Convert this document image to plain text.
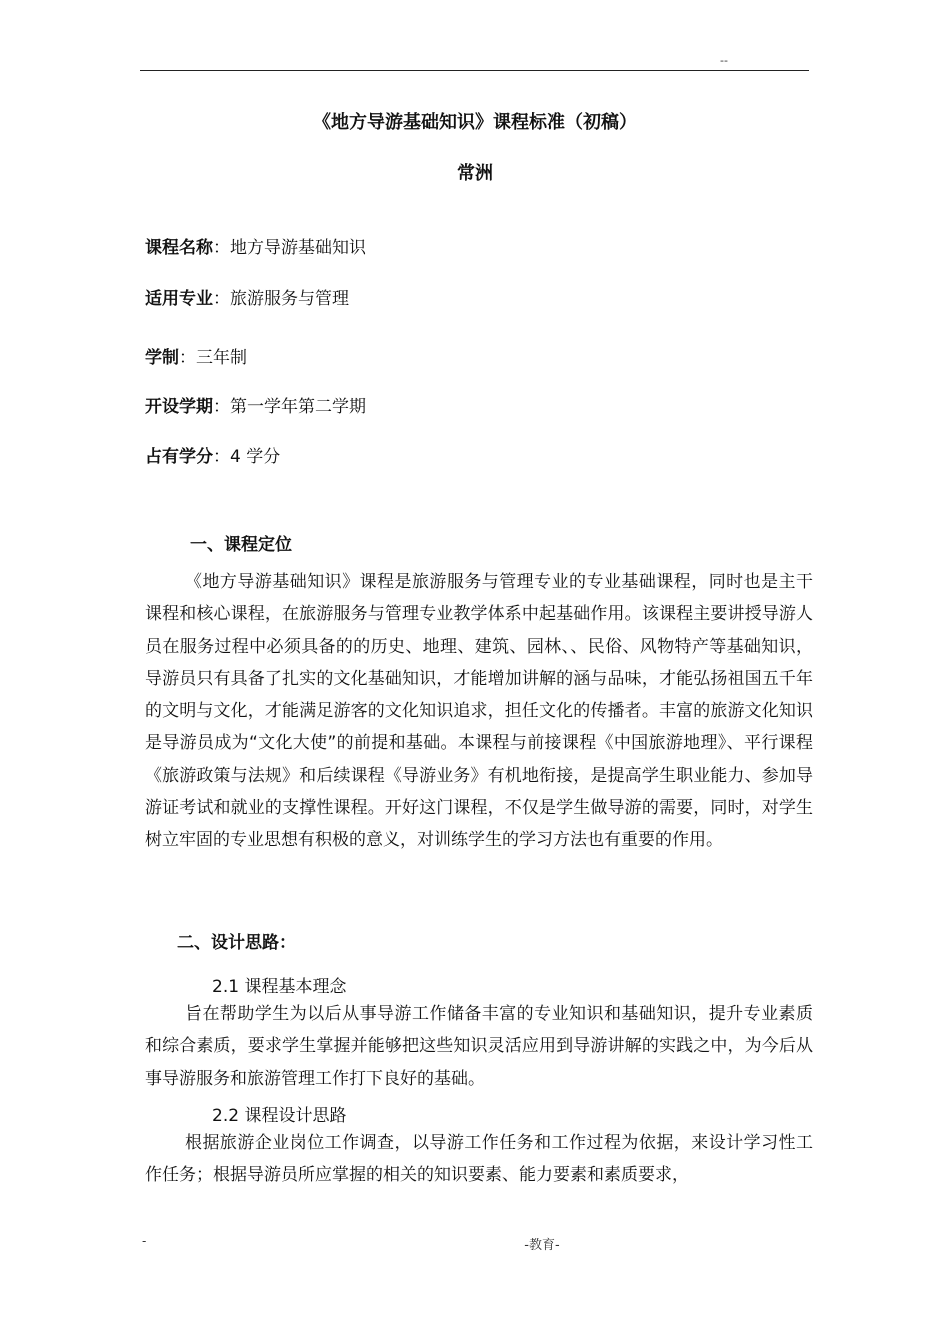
--
《地方导游基础知识》课程标准（初稿）
常洲
课程名称：地方导游基础知识
适用专业：旅游服务与管理
学制：三年制
开设学期：第一学年第二学期
占有学分：4 学分
一、课程定位

《地方导游基础知识》课程是旅游服务与管理专业的专业基础课程，同时也是主干课程和核心课程，在旅游服务与管理专业教学体系中起基础作用。该课程主要讲授导游人员在服务过程中必须具备的的历史、地理、建筑、园林、、民俗、风物特产等基础知识，导游员只有具备了扎实的文化基础知识，才能增加讲解的涵与品味，才能弘扬祖国五千年的文明与文化，才能满足游客的文化知识追求，担任文化的传播者。丰富的旅游文化知识是导游员成为“文化大使”的前提和基础。本课程与前接课程《中国旅游地理》、平行课程《旅游政策与法规》和后续课程《导游业务》有机地衔接，是提高学生职业能力、参加导游证考试和就业的支撑性课程。开好这门课程，不仅是学生做导游的需要，同时，对学生树立牢固的专业思想有积极的意义，对训练学生的学习方法也有重要的作用。

二、设计思路：
2.1 课程基本理念

旨在帮助学生为以后从事导游工作储备丰富的专业知识和基础知识，提升专业素质和综合素质，要求学生掌握并能够把这些知识灵活应用到导游讲解的实践之中，为今后从事导游服务和旅游管理工作打下良好的基础。

2.2 课程设计思路

根据旅游企业岗位工作调查，以导游工作任务和工作过程为依据，来设计学习性工作任务；根据导游员所应掌握的相关的知识要素、能力要素和素质要求，

-	-教育-
